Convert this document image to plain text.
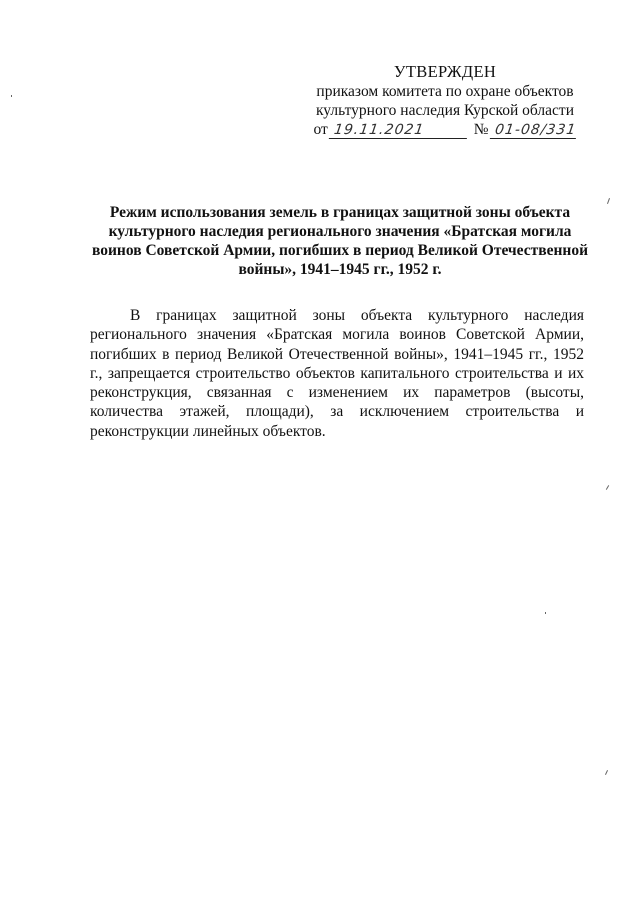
УТВЕРЖДЕН
приказом комитета по охране объектов
культурного наследия Курской области
от 19.11.2021	№ 01-08/331
Режим использования земель в границах защитной зоны объекта культурного наследия регионального значения «Братская могила воинов Советской Армии, погибших в период Великой Отечественной войны», 1941–1945 гг., 1952 г.

В границах защитной зоны объекта культурного наследия регионального значения «Братская могила воинов Советской Армии, погибших в период Великой Отечественной войны», 1941–1945 гг., 1952 г., запрещается строительство объектов капитального строительства и их реконструкция, связанная с изменением их параметров (высоты, количества этажей, площади), за исключением строительства и реконструкции линейных объектов.
